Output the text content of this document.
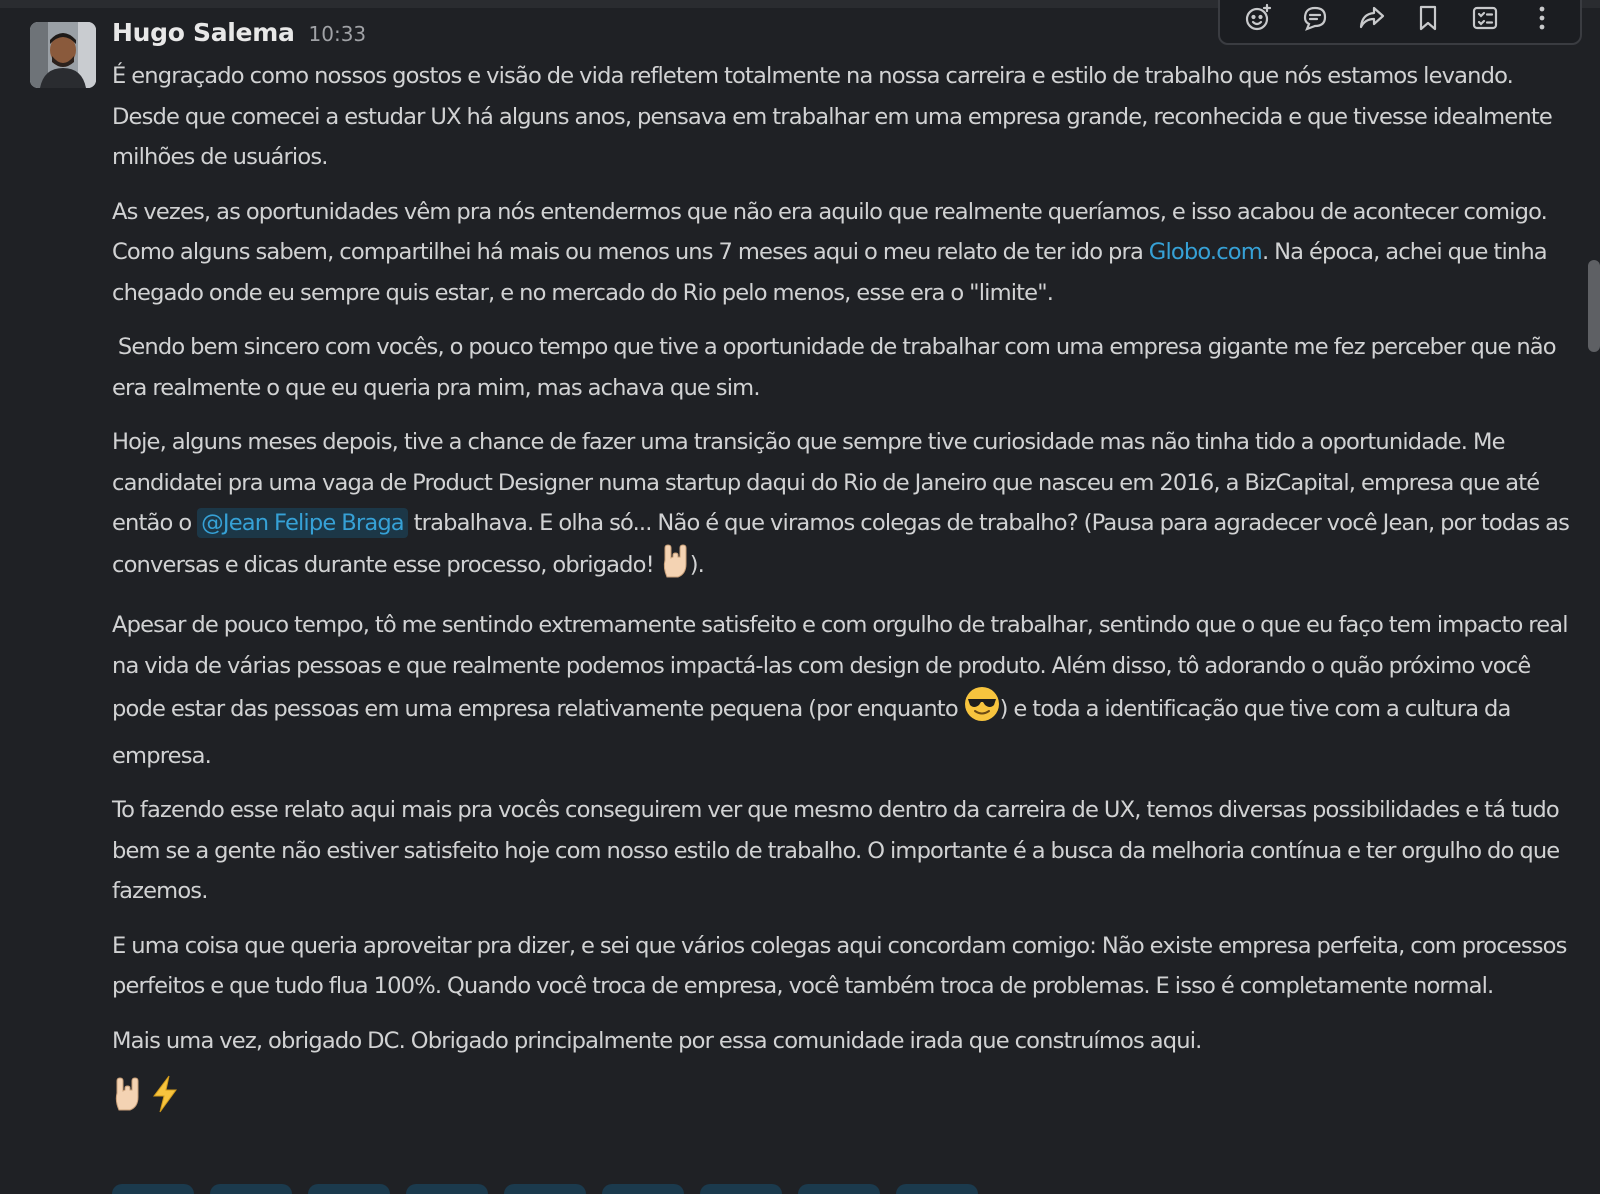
Hugo Salema 10:33

É engraçado como nossos gostos e visão de vida refletem totalmente na nossa carreira e estilo de trabalho que nós estamos levando. Desde que comecei a estudar UX há alguns anos, pensava em trabalhar em uma empresa grande, reconhecida e que tivesse idealmente milhões de usuários.

As vezes, as oportunidades vêm pra nós entendermos que não era aquilo que realmente queríamos, e isso acabou de acontecer comigo.
Como alguns sabem, compartilhei há mais ou menos uns 7 meses aqui o meu relato de ter ido pra Globo.com. Na época, achei que tinha chegado onde eu sempre quis estar, e no mercado do Rio pelo menos, esse era o "limite".

Sendo bem sincero com vocês, o pouco tempo que tive a oportunidade de trabalhar com uma empresa gigante me fez perceber que não era realmente o que eu queria pra mim, mas achava que sim.

Hoje, alguns meses depois, tive a chance de fazer uma transição que sempre tive curiosidade mas não tinha tido a oportunidade. Me candidatei pra uma vaga de Product Designer numa startup daqui do Rio de Janeiro que nasceu em 2016, a BizCapital, empresa que até então o @Jean Felipe Braga trabalhava. E olha só... Não é que viramos colegas de trabalho? (Pausa para agradecer você Jean, por todas as conversas e dicas durante esse processo, obrigado! ).

Apesar de pouco tempo, tô me sentindo extremamente satisfeito e com orgulho de trabalhar, sentindo que o que eu faço tem impacto real na vida de várias pessoas e que realmente podemos impactá-las com design de produto. Além disso, tô adorando o quão próximo você pode estar das pessoas em uma empresa relativamente pequena (por enquanto ) e toda a identificação que tive com a cultura da empresa.

To fazendo esse relato aqui mais pra vocês conseguirem ver que mesmo dentro da carreira de UX, temos diversas possibilidades e tá tudo bem se a gente não estiver satisfeito hoje com nosso estilo de trabalho. O importante é a busca da melhoria contínua e ter orgulho do que fazemos.

E uma coisa que queria aproveitar pra dizer, e sei que vários colegas aqui concordam comigo: Não existe empresa perfeita, com processos perfeitos e que tudo flua 100%. Quando você troca de empresa, você também troca de problemas. E isso é completamente normal.

Mais uma vez, obrigado DC. Obrigado principalmente por essa comunidade irada que construímos aqui.
